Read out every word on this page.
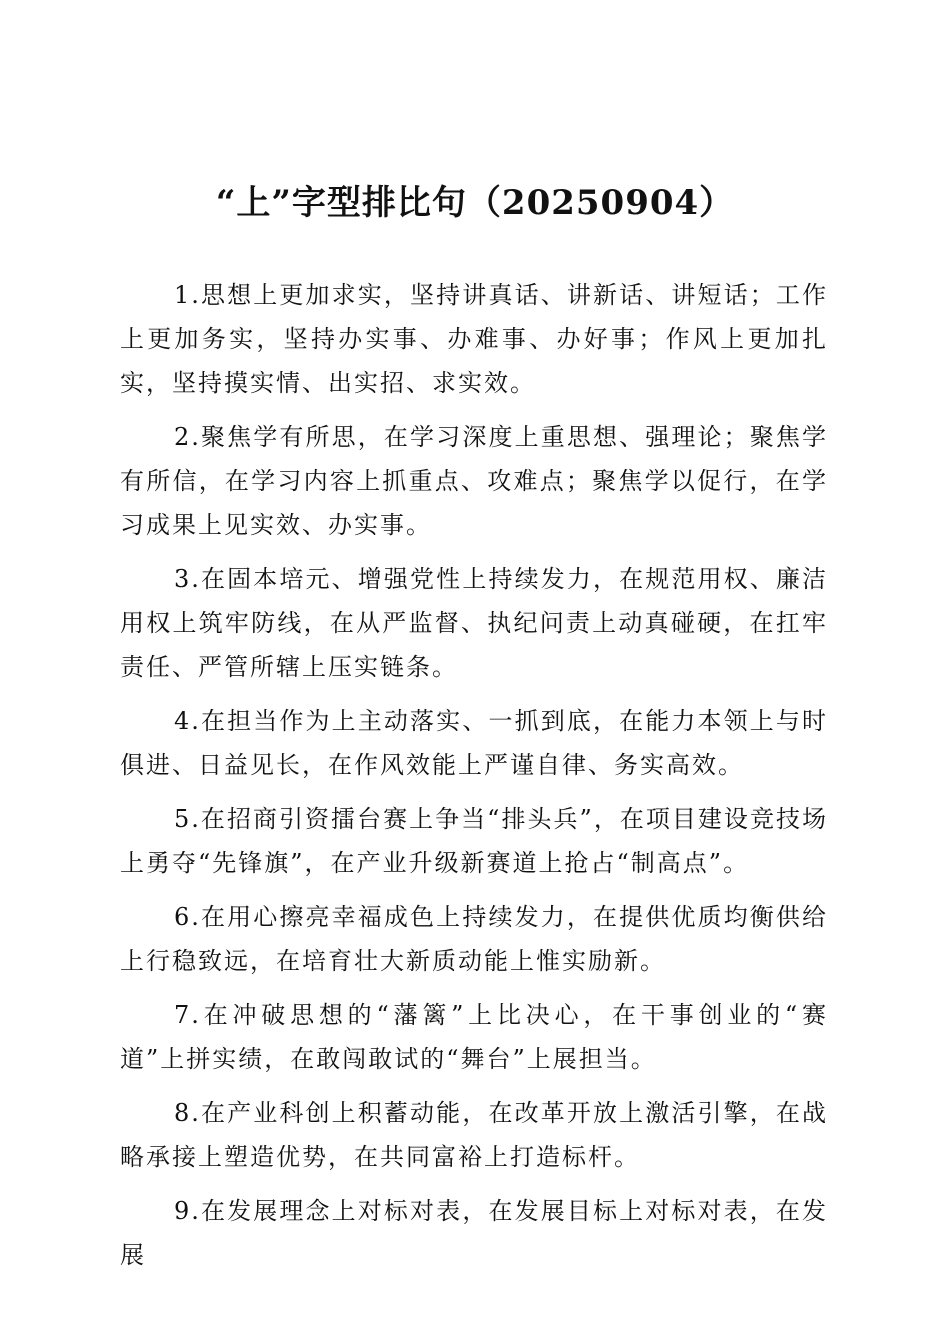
“上”字型排比句（20250904）

1.思想上更加求实，坚持讲真话、讲新话、讲短话；工作上更加务实，坚持办实事、办难事、办好事；作风上更加扎实，坚持摸实情、出实招、求实效。

2.聚焦学有所思，在学习深度上重思想、强理论；聚焦学有所信，在学习内容上抓重点、攻难点；聚焦学以促行，在学习成果上见实效、办实事。

3.在固本培元、增强党性上持续发力，在规范用权、廉洁用权上筑牢防线，在从严监督、执纪问责上动真碰硬，在扛牢责任、严管所辖上压实链条。

4.在担当作为上主动落实、一抓到底，在能力本领上与时俱进、日益见长，在作风效能上严谨自律、务实高效。

5.在招商引资擂台赛上争当“排头兵”，在项目建设竞技场上勇夺“先锋旗”，在产业升级新赛道上抢占“制高点”。

6.在用心擦亮幸福成色上持续发力，在提供优质均衡供给上行稳致远，在培育壮大新质动能上惟实励新。

7.在冲破思想的“藩篱”上比决心，在干事创业的“赛道”上拼实绩，在敢闯敢试的“舞台”上展担当。

8.在产业科创上积蓄动能，在改革开放上激活引擎，在战略承接上塑造优势，在共同富裕上打造标杆。

9.在发展理念上对标对表，在发展目标上对标对表，在发展
